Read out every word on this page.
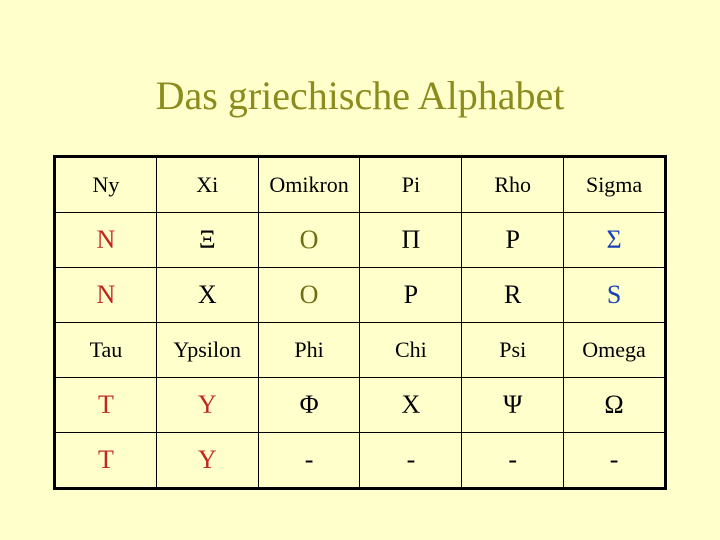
Das griechische Alphabet
Ny	Xi	Omikron	Pi	Rho	Sigma
Ν	Ξ	Ο	Π	Ρ	Σ
N	X	O	P	R	S
Tau	Ypsilon	Phi	Chi	Psi	Omega
Τ	Υ	Φ	Χ	Ψ	Ω
T	Y	-	-	-	-
